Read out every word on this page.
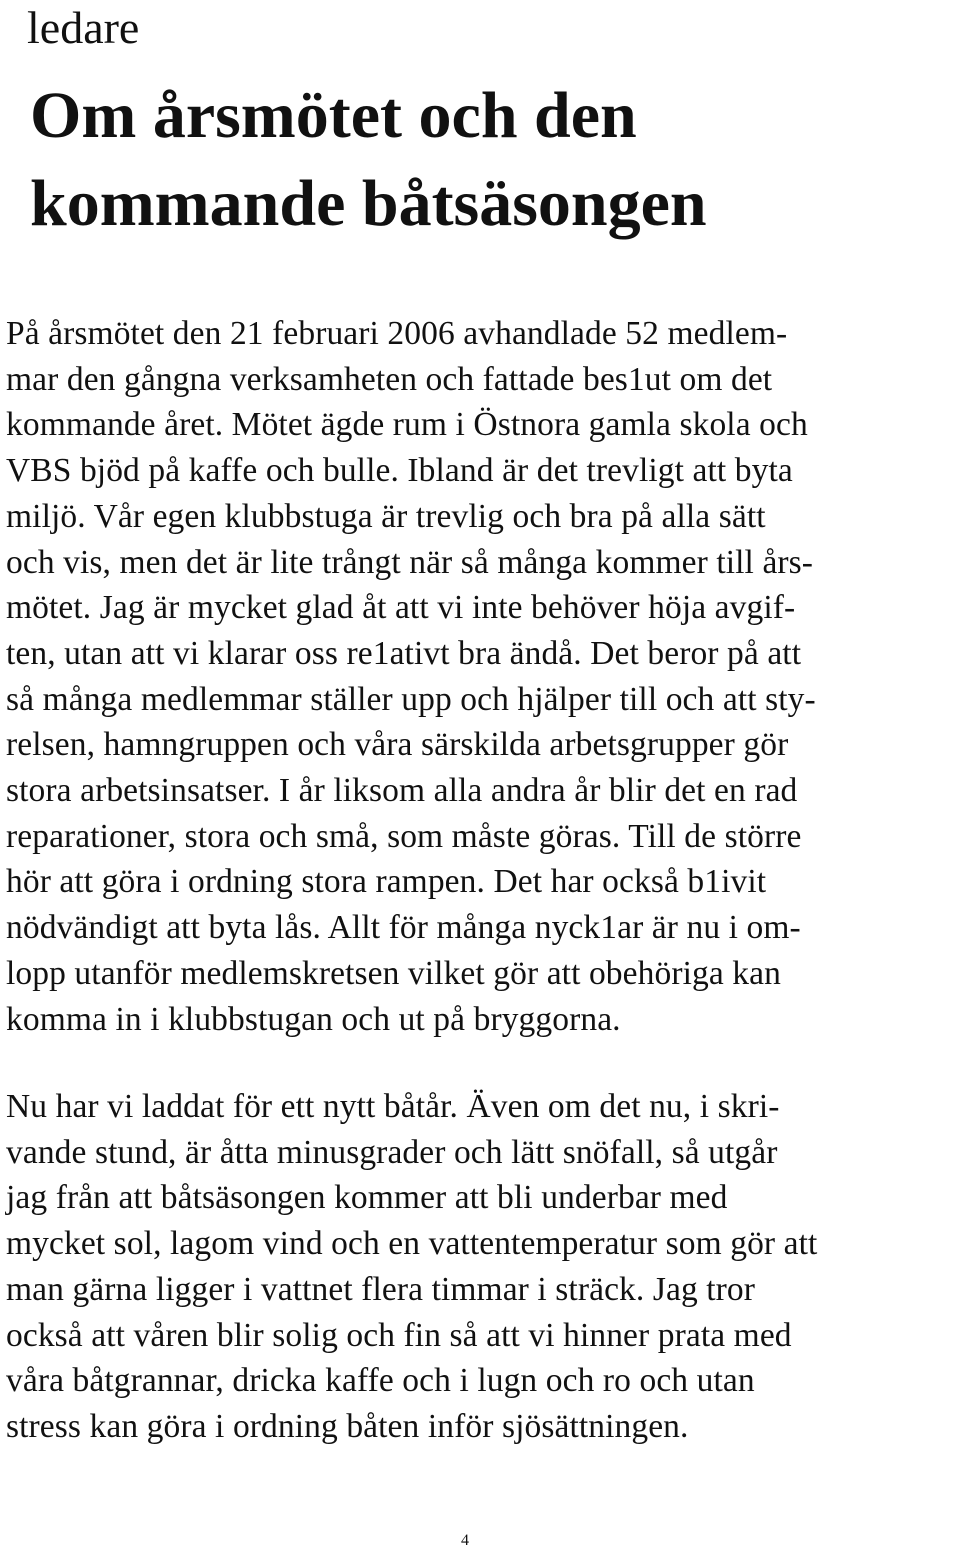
ledare
Om årsmötet och den
kommande båtsäsongen

På årsmötet den 21 februari 2006 avhandlade 52 medlem-
mar den gångna verksamheten och fattade bes1ut om det
kommande året. Mötet ägde rum i Östnora gamla skola och
VBS bjöd på kaffe och bulle. Ibland är det trevligt att byta
miljö. Vår egen klubbstuga är trevlig och bra på alla sätt
och vis, men det är lite trångt när så många kommer till års-
mötet. Jag är mycket glad åt att vi inte behöver höja avgif-
ten, utan att vi klarar oss re1ativt bra ändå. Det beror på att
så många medlemmar ställer upp och hjälper till och att sty-
relsen, hamngruppen och våra särskilda arbetsgrupper gör
stora arbetsinsatser. I år liksom alla andra år blir det en rad
reparationer, stora och små, som måste göras. Till de större
hör att göra i ordning stora rampen. Det har också b1ivit
nödvändigt att byta lås. Allt för många nyck1ar är nu i om-
lopp utanför medlemskretsen vilket gör att obehöriga kan
komma in i klubbstugan och ut på bryggorna.

Nu har vi laddat för ett nytt båtår. Även om det nu, i skri-
vande stund, är åtta minusgrader och lätt snöfall, så utgår
jag från att båtsäsongen kommer att bli underbar med
mycket sol, lagom vind och en vattentemperatur som gör att
man gärna ligger i vattnet flera timmar i sträck. Jag tror
också att våren blir solig och fin så att vi hinner prata med
våra båtgrannar, dricka kaffe och i lugn och ro och utan
stress kan göra i ordning båten inför sjösättningen.

4
